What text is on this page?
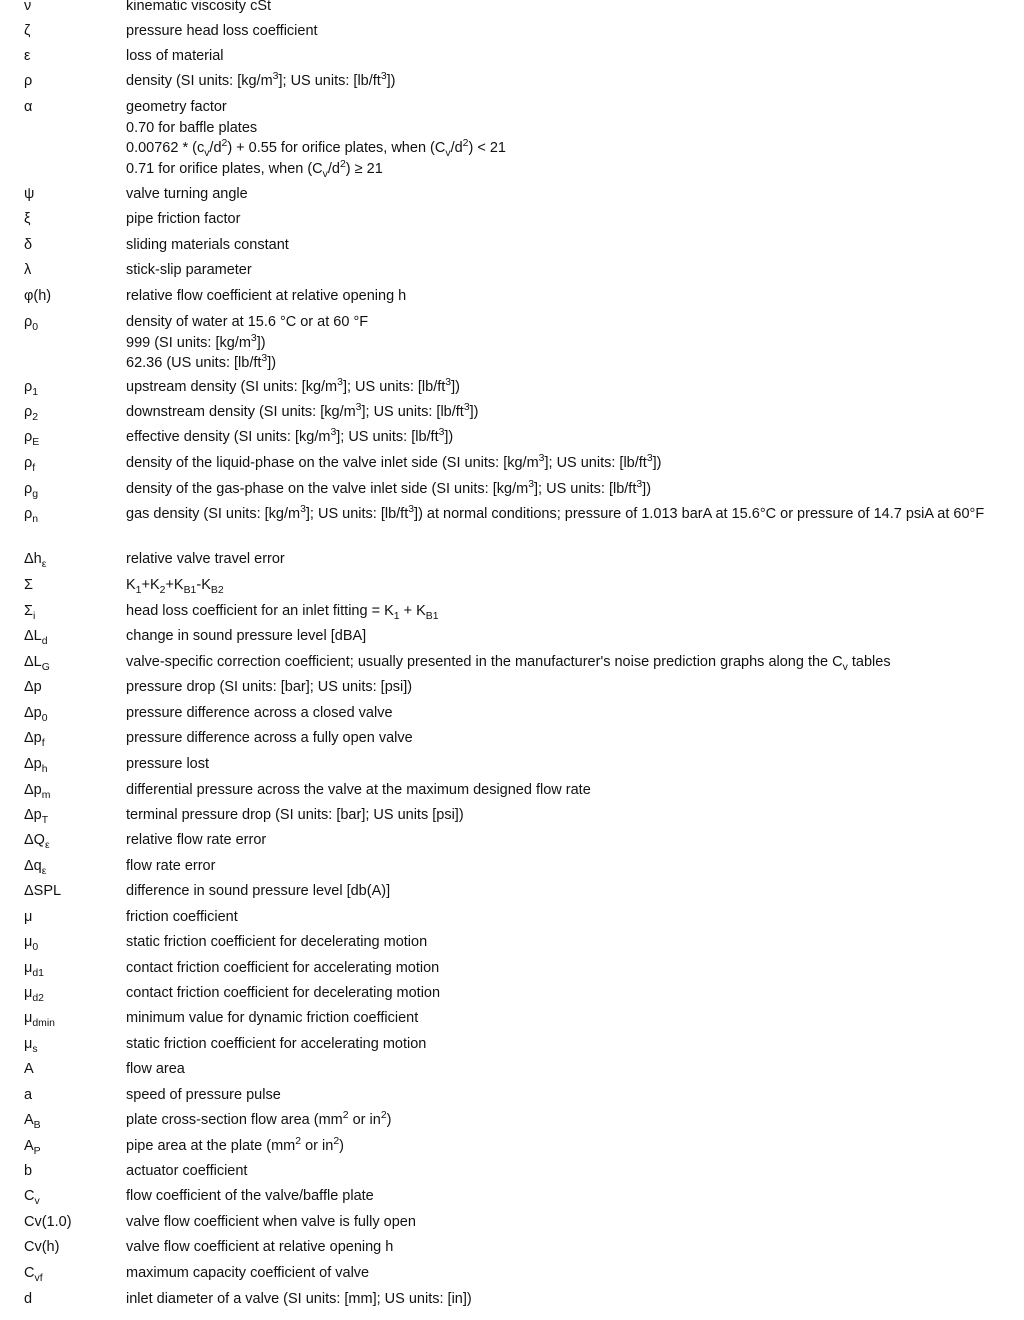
ν	kinematic viscosity cSt
ζ	pressure head loss coefficient
ε	loss of material
ρ	density (SI units: $[kg/m^3]$; US units: $[lb/ft^3]$)
α	geometry factor
0.70 for baffle plates
$0.00762 * (c_v/d^2) + 0.55$ for orifice plates, when $(C_v/d^2) < 21$
0.71 for orifice plates, when $(C_v/d^2) \ge 21$
ψ	valve turning angle
ξ	pipe friction factor
δ	sliding materials constant
λ	stick-slip parameter
φ(h)	relative flow coefficient at relative opening h
$\rho_0$	density of water at 15.6 °C or at 60 °F
999 (SI units: $[kg/m^3]$)
62.36 (US units: $[lb/ft^3]$)
$\rho_1$	upstream density (SI units: $[kg/m^3]$; US units: $[lb/ft^3]$)
$\rho_2$	downstream density (SI units: $[kg/m^3]$; US units: $[lb/ft^3]$)
$\rho_E$	effective density (SI units: $[kg/m^3]$; US units: $[lb/ft^3]$)
$\rho_f$	density of the liquid-phase on the valve inlet side (SI units: $[kg/m^3]$; US units: $[lb/ft^3]$)
$\rho_g$	density of the gas-phase on the valve inlet side (SI units: $[kg/m^3]$; US units: $[lb/ft^3]$)
$\rho_n$	gas density (SI units: $[kg/m^3]$; US units: $[lb/ft^3]$) at normal conditions; pressure of 1.013 barA at 15.6°C or pressure of 14.7 psiA at 60°F
$\Delta h_\varepsilon$	relative valve travel error
Σ	$K_1+K_2+K_{B1}-K_{B2}$
$\Sigma_i$	head loss coefficient for an inlet fitting = $K_1 + K_{B1}$
$\Delta L_d$	change in sound pressure level [dBA]
$\Delta L_G$	valve-specific correction coefficient; usually presented in the manufacturer's noise prediction graphs along the $C_v$ tables
Δp	pressure drop (SI units: [bar]; US units: [psi])
$\Delta p_0$	pressure difference across a closed valve
$\Delta p_f$	pressure difference across a fully open valve
$\Delta p_h$	pressure lost
$\Delta p_m$	differential pressure across the valve at the maximum designed flow rate
$\Delta p_T$	terminal pressure drop (SI units: [bar]; US units [psi])
$\Delta Q_\varepsilon$	relative flow rate error
$\Delta q_\varepsilon$	flow rate error
ΔSPL	difference in sound pressure level [db(A)]
μ	friction coefficient
$\mu_0$	static friction coefficient for decelerating motion
$\mu_{d1}$	contact friction coefficient for accelerating motion
$\mu_{d2}$	contact friction coefficient for decelerating motion
$\mu_{dmin}$	minimum value for dynamic friction coefficient
$\mu_s$	static friction coefficient for accelerating motion
A	flow area
a	speed of pressure pulse
$A_B$	plate cross-section flow area ($mm^2$ or $in^2$)
$A_P$	pipe area at the plate ($mm^2$ or $in^2$)
b	actuator coefficient
$C_v$	flow coefficient of the valve/baffle plate
Cv(1.0)	valve flow coefficient when valve is fully open
Cv(h)	valve flow coefficient at relative opening h
$C_{vf}$	maximum capacity coefficient of valve
d	inlet diameter of a valve (SI units: [mm]; US units: [in])
